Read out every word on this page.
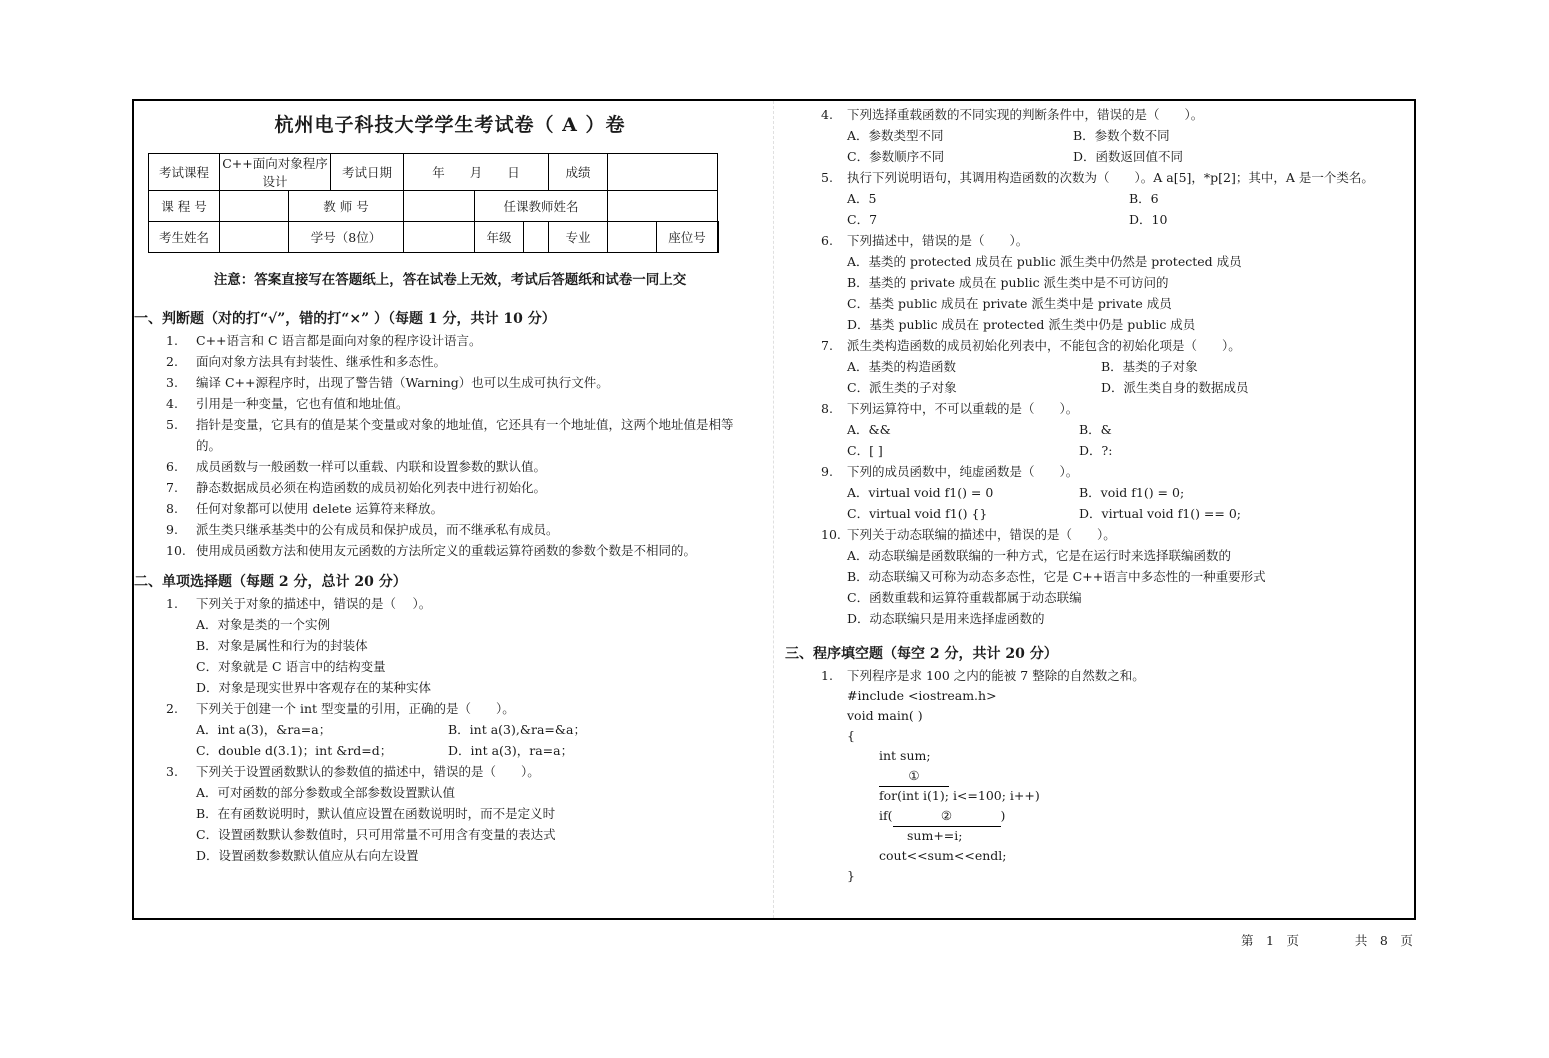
杭州电子科技大学学生考试卷（ A ）卷
考试课程	C++面向对象程序设计		考试日期	年　　月　　日			成绩			
课 程 号		教 师 号			任课教师姓名					
考生姓名		学号（8位）			年级		专业		座位号	
注意：答案直接写在答题纸上，答在试卷上无效，考试后答题纸和试卷一同上交
一、判断题（对的打“√”，错的打“×” ）（每题 1 分，共计 10 分）
1.	C++语言和 C 语言都是面向对象的程序设计语言。
2.	面向对象方法具有封装性、继承性和多态性。
3.	编译 C++源程序时，出现了警告错（Warning）也可以生成可执行文件。
4.	引用是一种变量，它也有值和地址值。
5.	指针是变量，它具有的值是某个变量或对象的地址值，它还具有一个地址值，这两个地址值是相等的。
6.	成员函数与一般函数一样可以重载、内联和设置参数的默认值。
7.	静态数据成员必须在构造函数的成员初始化列表中进行初始化。
8.	任何对象都可以使用 delete 运算符来释放。
9.	派生类只继承基类中的公有成员和保护成员，而不继承私有成员。
10. 使用成员函数方法和使用友元函数的方法所定义的重载运算符函数的参数个数是不相同的。
二、单项选择题（每题 2 分，总计 20 分）
1.	下列关于对象的描述中，错误的是（　 ）。
A．对象是类的一个实例
B．对象是属性和行为的封装体
C．对象就是 C 语言中的结构变量
D．对象是现实世界中客观存在的某种实体
2.	下列关于创建一个 int 型变量的引用，正确的是（　　）。
A．int a(3)，&ra=a；	B．int a(3),&ra=&a；
C．double d(3.1)；int &rd=d；	D．int a(3)，ra=a；
3.	下列关于设置函数默认的参数值的描述中，错误的是（　　）。
A．可对函数的部分参数或全部参数设置默认值
B．在有函数说明时，默认值应设置在函数说明时，而不是定义时
C．设置函数默认参数值时，只可用常量不可用含有变量的表达式
D．设置函数参数默认值应从右向左设置
4.	下列选择重载函数的不同实现的判断条件中，错误的是（　　）。
A．参数类型不同	B．参数个数不同
C．参数顺序不同	D．函数返回值不同
5.	执行下列说明语句，其调用构造函数的次数为（　　）。A a[5]，*p[2]；其中，A 是一个类名。
A．5	B．6
C．7	D．10
6.	下列描述中，错误的是（　　）。
A．基类的 protected 成员在 public 派生类中仍然是 protected 成员
B．基类的 private 成员在 public 派生类中是不可访问的
C．基类 public 成员在 private 派生类中是 private 成员
D．基类 public 成员在 protected 派生类中仍是 public 成员
7.	派生类构造函数的成员初始化列表中，不能包含的初始化项是（　　）。
A．基类的构造函数	B．基类的子对象
C．派生类的子对象	D．派生类自身的数据成员
8.	下列运算符中，不可以重载的是（　　）。
A．&&	B．&
C．[ ]	D．?:
9.	下列的成员函数中，纯虚函数是（　　）。
A．virtual void f1() = 0	B．void f1() = 0;
C．virtual void f1() {}	D．virtual void f1() == 0;
10. 下列关于动态联编的描述中，错误的是（　　）。
A．动态联编是函数联编的一种方式，它是在运行时来选择联编函数的
B．动态联编又可称为动态多态性，它是 C++语言中多态性的一种重要形式
C．函数重载和运算符重载都属于动态联编
D．动态联编只是用来选择虚函数的
三、程序填空题（每空 2 分，共计 20 分）
1.	下列程序是求 100 之内的能被 7 整除的自然数之和。
#include <iostream.h>
void main( )
{
int sum;
①
for(int i(1); i<=100; i++)
if(	②	)
sum+=i;
cout<<sum<<endl;
}
第　1　页	共　8　页
